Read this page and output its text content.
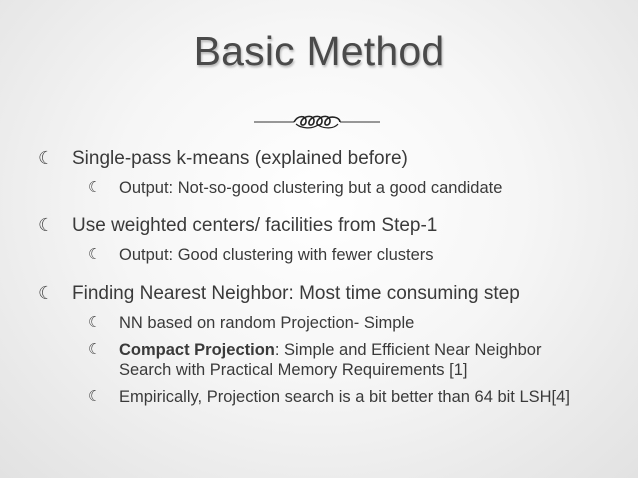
Basic Method
☾ Single-pass k-means (explained before)
☾ Output: Not-so-good clustering but a good candidate
☾ Use weighted centers/ facilities from Step-1
☾ Output: Good clustering with fewer clusters
☾ Finding Nearest Neighbor: Most time consuming step
☾ NN based on random Projection- Simple
☾ Compact Projection: Simple and Efficient Near Neighbor
Search with Practical Memory Requirements [1]
☾ Empirically, Projection search is a bit better than 64 bit LSH[4]
